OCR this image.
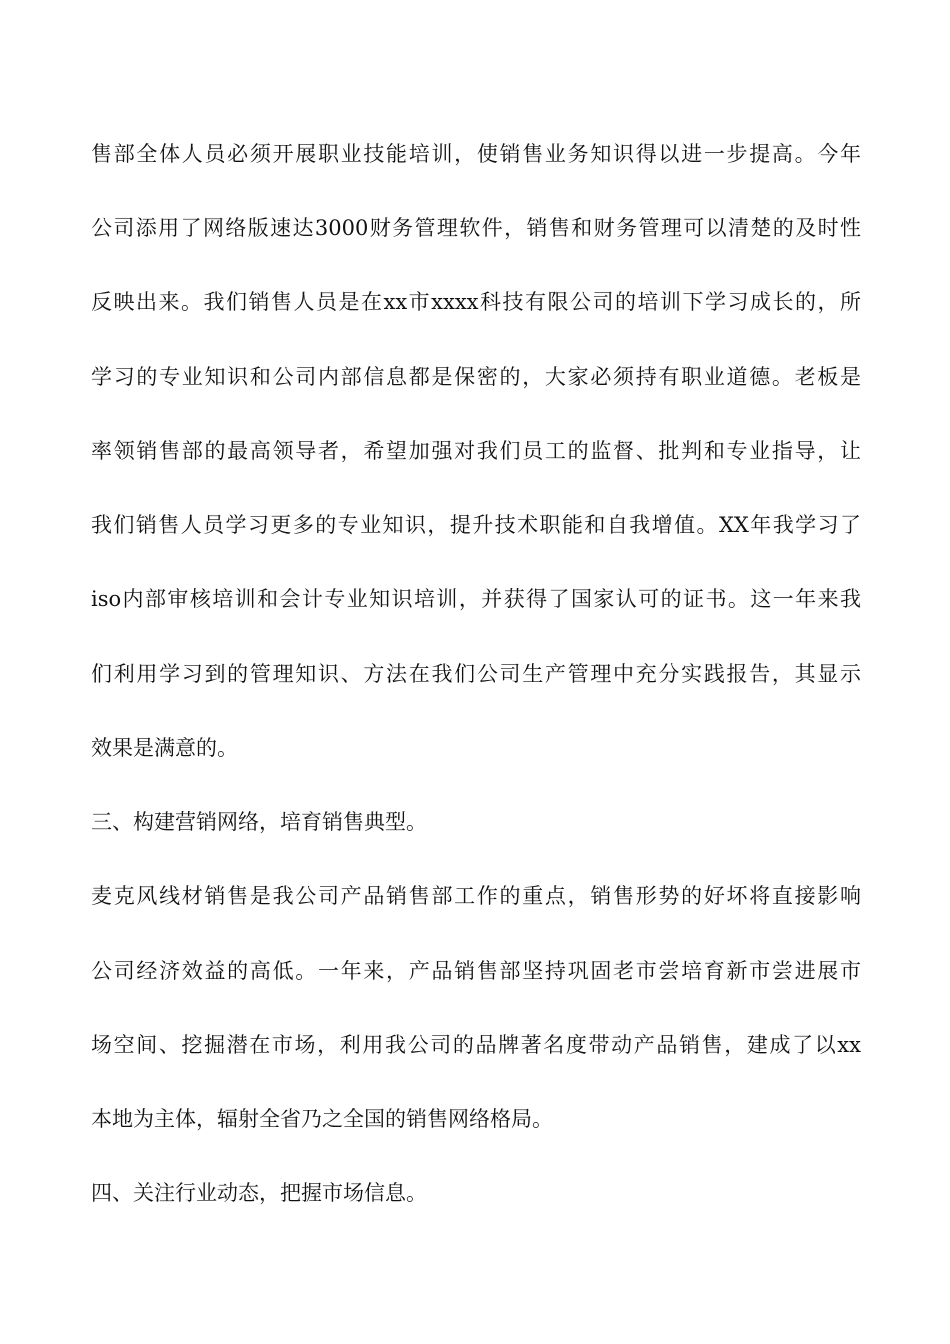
售部全体人员必须开展职业技能培训，使销售业务知识得以进一步提高。今年
公司添用了网络版速达3000财务管理软件，销售和财务管理可以清楚的及时性
反映出来。我们销售人员是在xx市xxxx科技有限公司的培训下学习成长的，所
学习的专业知识和公司内部信息都是保密的，大家必须持有职业道德。老板是
率领销售部的最高领导者，希望加强对我们员工的监督、批判和专业指导，让
我们销售人员学习更多的专业知识，提升技术职能和自我增值。XX年我学习了
iso内部审核培训和会计专业知识培训，并获得了国家认可的证书。这一年来我
们利用学习到的管理知识、方法在我们公司生产管理中充分实践报告，其显示
效果是满意的。
三、构建营销网络，培育销售典型。
麦克风线材销售是我公司产品销售部工作的重点，销售形势的好坏将直接影响
公司经济效益的高低。一年来，产品销售部坚持巩固老市尝培育新市尝进展市
场空间、挖掘潜在市场，利用我公司的品牌著名度带动产品销售，建成了以xx
本地为主体，辐射全省乃之全国的销售网络格局。
四、关注行业动态，把握市场信息。
